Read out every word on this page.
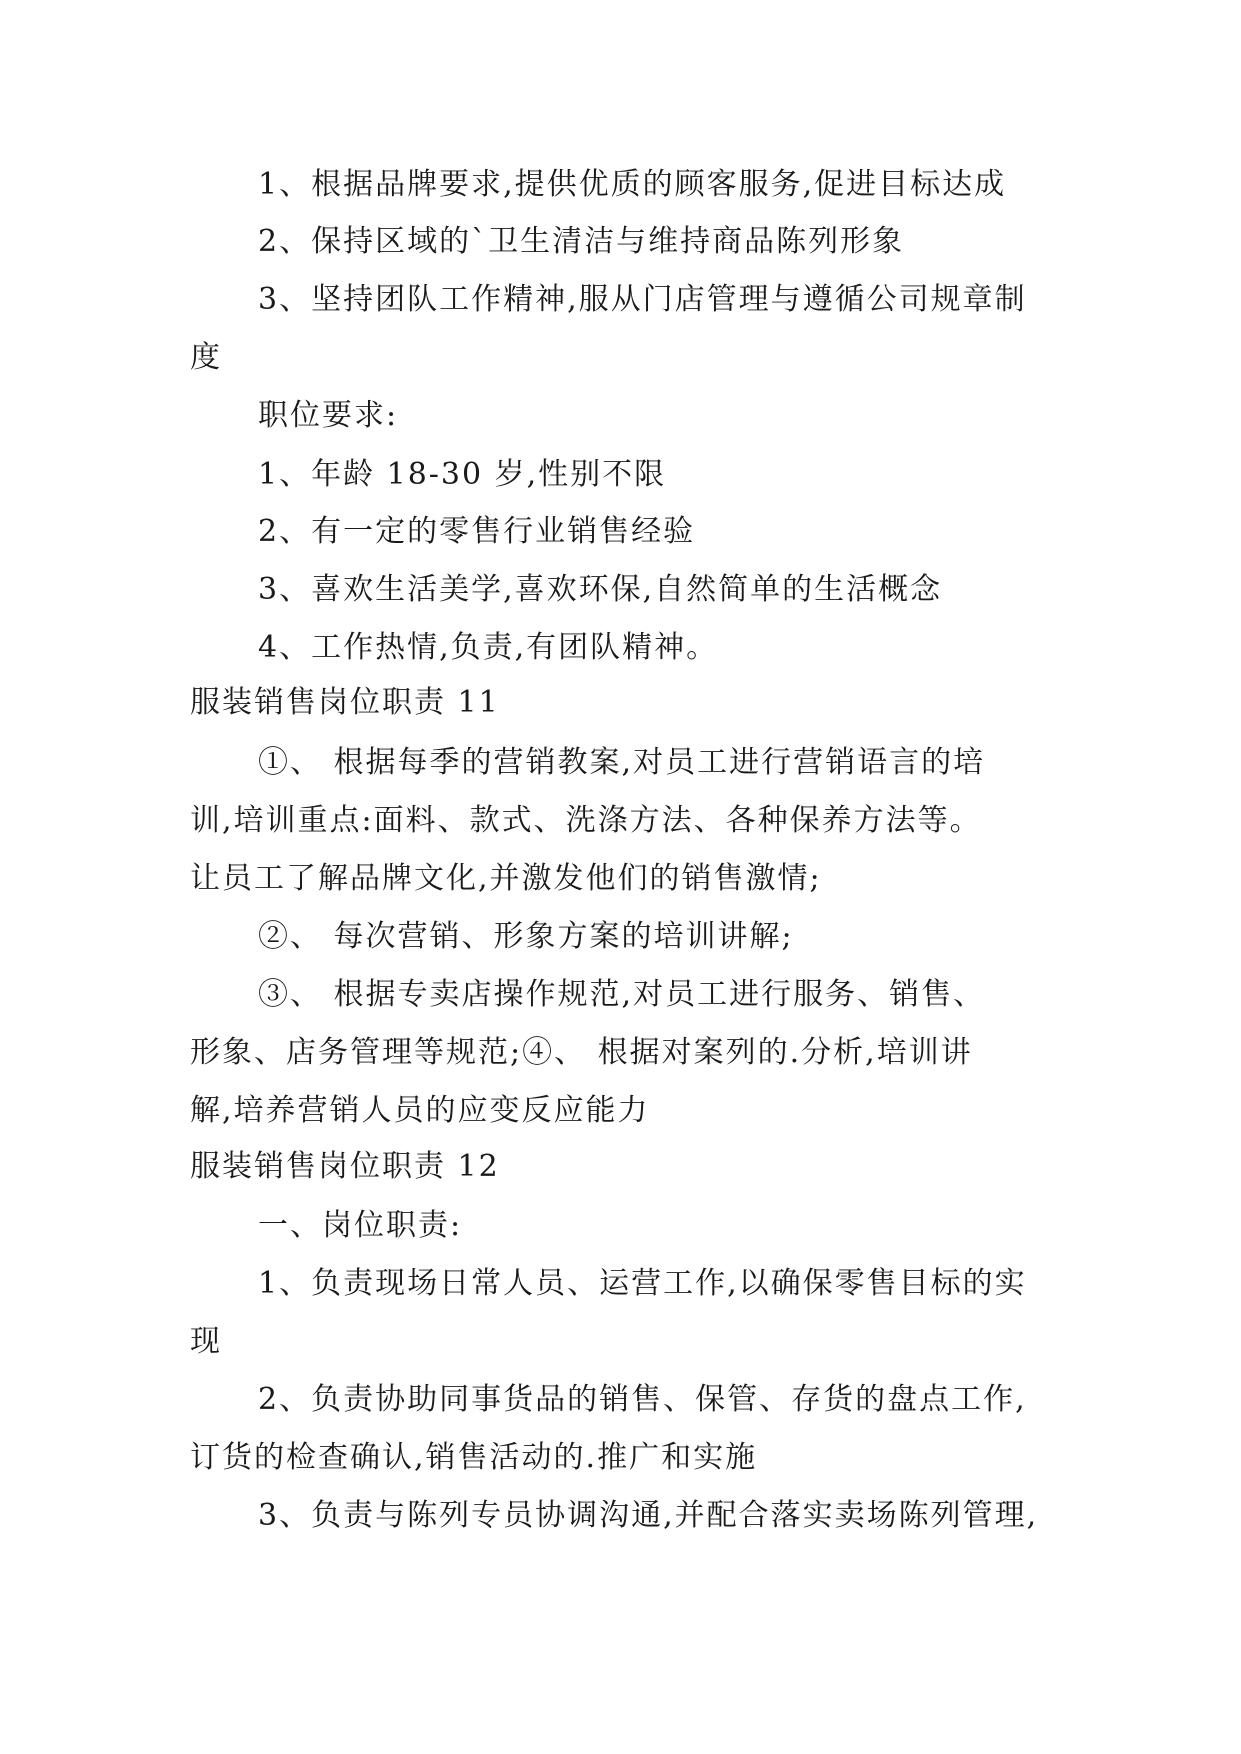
1、根据品牌要求,提供优质的顾客服务,促进目标达成
2、保持区域的`卫生清洁与维持商品陈列形象
3、坚持团队工作精神,服从门店管理与遵循公司规章制
度
职位要求:
1、年龄 18-30 岁,性别不限
2、有一定的零售行业销售经验
3、喜欢生活美学,喜欢环保,自然简单的生活概念
4、工作热情,负责,有团队精神。
服装销售岗位职责 11
①、 根据每季的营销教案,对员工进行营销语言的培
训,培训重点:面料、款式、洗涤方法、各种保养方法等。
让员工了解品牌文化,并激发他们的销售激情;
②、 每次营销、形象方案的培训讲解;
③、 根据专卖店操作规范,对员工进行服务、销售、
形象、店务管理等规范;④、 根据对案列的.分析,培训讲
解,培养营销人员的应变反应能力
服装销售岗位职责 12
一、岗位职责:
1、负责现场日常人员、运营工作,以确保零售目标的实
现
2、负责协助同事货品的销售、保管、存货的盘点工作,
订货的检查确认,销售活动的.推广和实施
3、负责与陈列专员协调沟通,并配合落实卖场陈列管理,
